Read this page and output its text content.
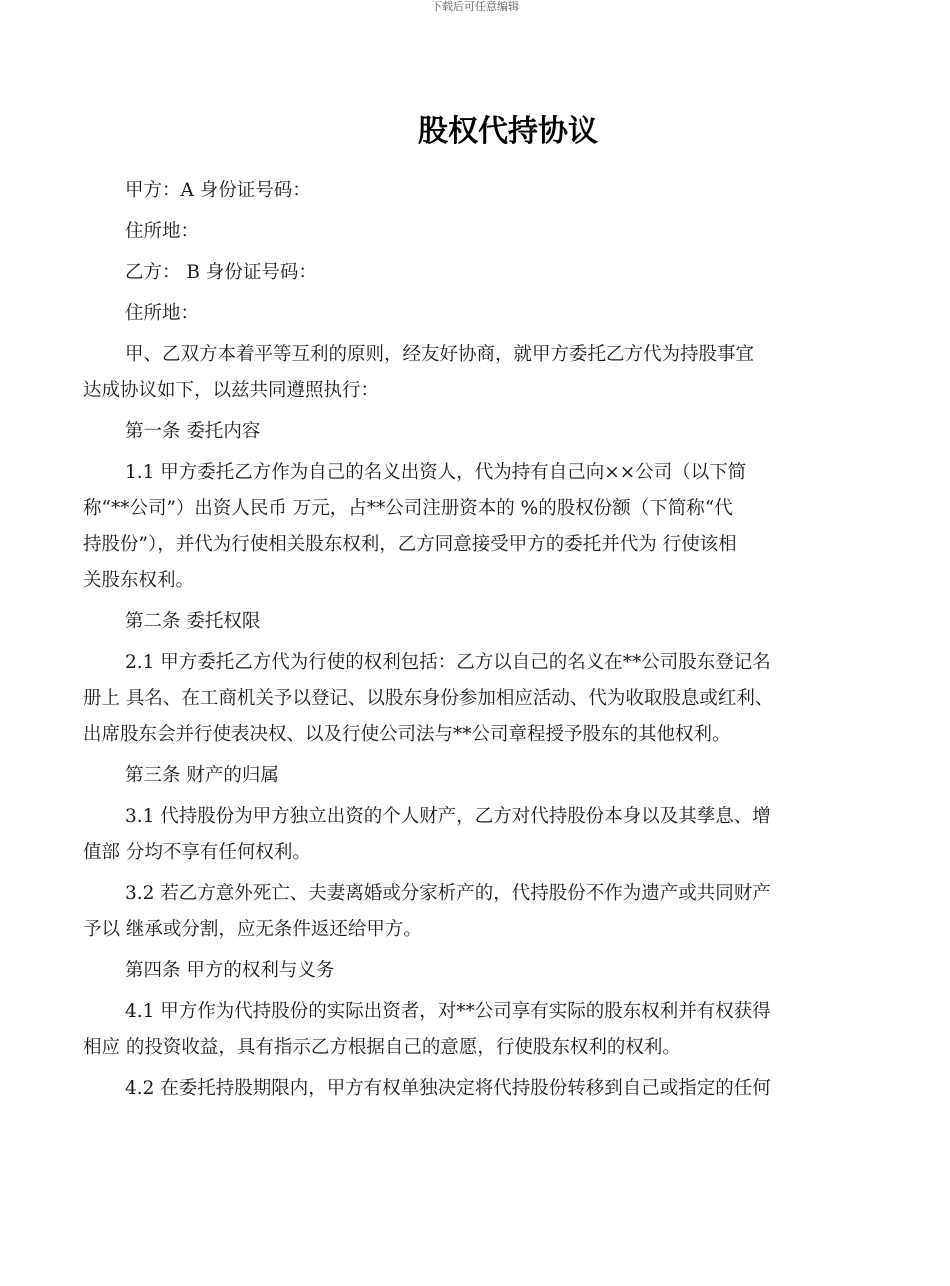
下载后可任意编辑
股权代持协议
甲方：A 身份证号码：
住所地：
乙方： B 身份证号码：
住所地：
甲、乙双方本着平等互利的原则，经友好协商，就甲方委托乙方代为持股事宜
达成协议如下，以兹共同遵照执行：
第一条 委托内容
1.1 甲方委托乙方作为自己的名义出资人，代为持有自己向××公司（以下简
称“**公司”）出资人民币 万元，占**公司注册资本的 %的股权份额（下简称“代
持股份”），并代为行使相关股东权利，乙方同意接受甲方的委托并代为 行使该相
关股东权利。
第二条 委托权限
2.1 甲方委托乙方代为行使的权利包括：乙方以自己的名义在**公司股东登记名
册上 具名、在工商机关予以登记、以股东身份参加相应活动、代为收取股息或红利、
出席股东会并行使表决权、以及行使公司法与**公司章程授予股东的其他权利。
第三条 财产的归属
3.1 代持股份为甲方独立出资的个人财产，乙方对代持股份本身以及其孳息、增
值部 分均不享有任何权利。
3.2 若乙方意外死亡、夫妻离婚或分家析产的，代持股份不作为遗产或共同财产
予以 继承或分割，应无条件返还给甲方。
第四条 甲方的权利与义务
4.1 甲方作为代持股份的实际出资者，对**公司享有实际的股东权利并有权获得
相应 的投资收益，具有指示乙方根据自己的意愿，行使股东权利的权利。
4.2 在委托持股期限内，甲方有权单独决定将代持股份转移到自己或指定的任何
